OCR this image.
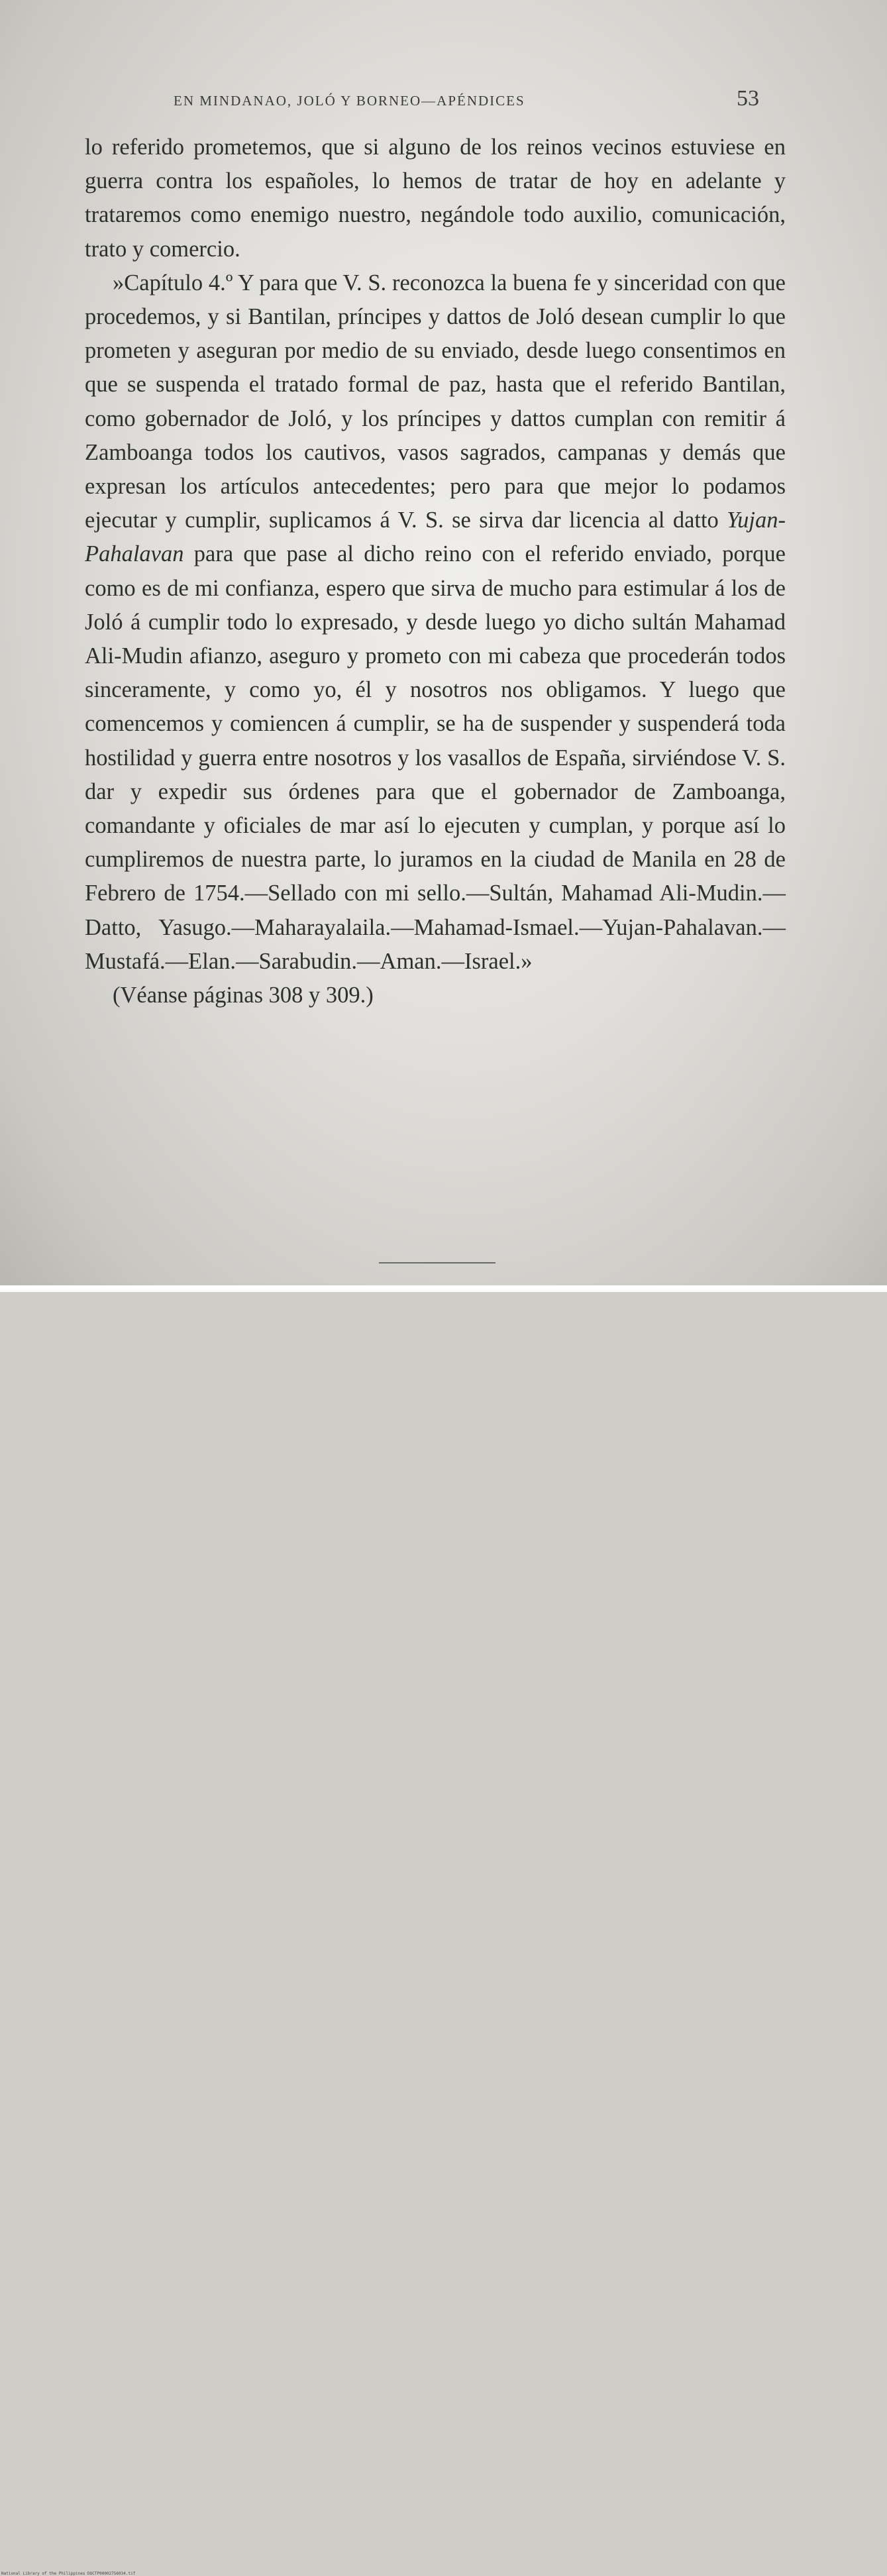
EN MINDANAO, JOLÓ Y BORNEO—APÉNDICES	53

lo referido prometemos, que si alguno de los reinos vecinos estuviese en guerra contra los españoles, lo hemos de tratar de hoy en adelante y trataremos como enemigo nuestro, negándole todo auxilio, comunicación, trato y comercio.

»Capítulo 4.º Y para que V. S. reconozca la buena fe y sinceridad con que procedemos, y si Bantilan, príncipes y dattos de Joló desean cumplir lo que prometen y aseguran por medio de su enviado, desde luego consentimos en que se suspenda el tratado formal de paz, hasta que el referido Bantilan, como gobernador de Joló, y los príncipes y dattos cumplan con remitir á Zamboanga todos los cautivos, vasos sagrados, campanas y demás que expresan los artículos antecedentes; pero para que mejor lo podamos ejecutar y cumplir, suplicamos á V. S. se sirva dar licencia al datto Yujan-Pahalavan para que pase al dicho reino con el referido enviado, porque como es de mi confianza, espero que sirva de mucho para estimular á los de Joló á cumplir todo lo expresado, y desde luego yo dicho sultán Mahamad Ali-Mudin afianzo, aseguro y prometo con mi cabeza que procederán todos sinceramente, y como yo, él y nosotros nos obligamos. Y luego que comencemos y comiencen á cumplir, se ha de suspender y suspenderá toda hostilidad y guerra entre nosotros y los vasallos de España, sirviéndose V. S. dar y expedir sus órdenes para que el gobernador de Zamboanga, comandante y oficiales de mar así lo ejecuten y cumplan, y porque así lo cumpliremos de nuestra parte, lo juramos en la ciudad de Manila en 28 de Febrero de 1754.—Sellado con mi sello.—Sultán, Mahamad Ali-Mudin.—Datto, Yasugo.—Maharayalaila.—Mahamad-Ismael.—Yujan-Pahalavan.—Mustafá.—Elan.—Sarabudin.—Aman.—Israel.»

(Véanse páginas 308 y 309.)

National Library of the Philippines DOCTP00002756034.tif
